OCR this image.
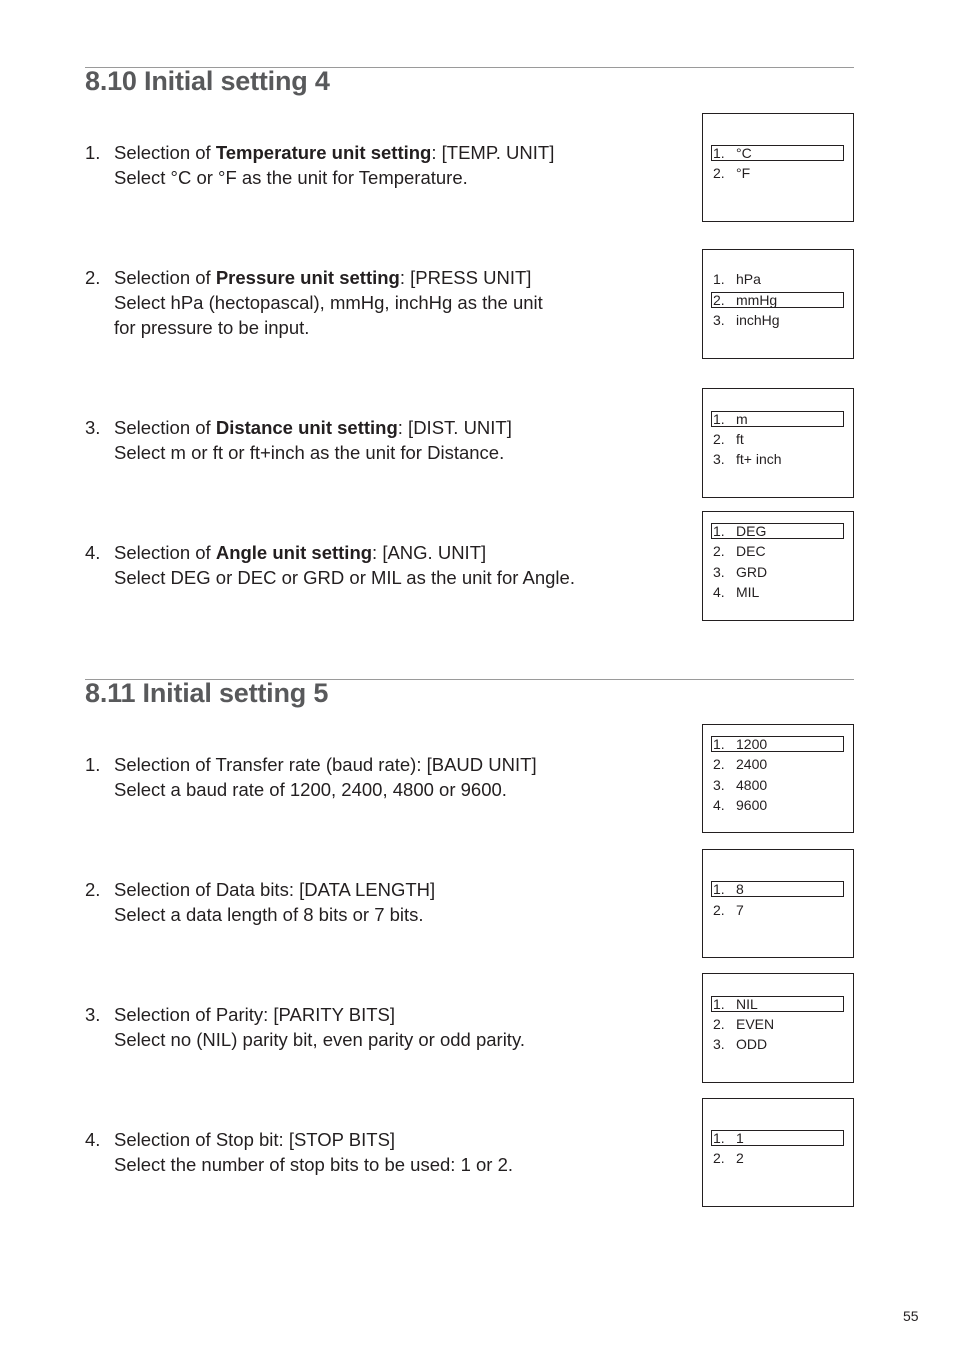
8.10 Initial setting 4
1. Selection of Temperature unit setting: [TEMP. UNIT]
Select °C or °F as the unit for Temperature.
2. Selection of Pressure unit setting: [PRESS UNIT]
Select hPa (hectopascal), mmHg, inchHg as the unit
for pressure to be input.
3. Selection of Distance unit setting: [DIST. UNIT]
Select m or ft or ft+inch as the unit for Distance.
4. Selection of Angle unit setting: [ANG. UNIT]
Select DEG or DEC or GRD or MIL as the unit for Angle.
8.11 Initial setting 5
1. Selection of Transfer rate (baud rate): [BAUD UNIT]
Select a baud rate of 1200, 2400, 4800 or 9600.
2. Selection of Data bits: [DATA LENGTH]
Select a data length of 8 bits or 7 bits.
3. Selection of Parity: [PARITY BITS]
Select no (NIL) parity bit, even parity or odd parity.
4. Selection of Stop bit: [STOP BITS]
Select the number of stop bits to be used: 1 or 2.
1. °C
2. °F
1. hPa
2. mmHg
3. inchHg
1. m
2. ft
3. ft+ inch
1. DEG
2. DEC
3. GRD
4. MIL
1. 1200
2. 2400
3. 4800
4. 9600
1. 8
2. 7
1. NIL
2. EVEN
3. ODD
1. 1
2. 2
55
